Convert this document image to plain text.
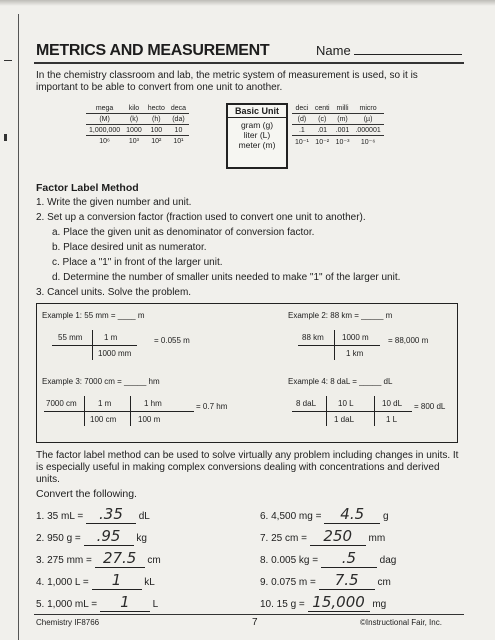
METRICS AND MEASUREMENT	Name
In the chemistry classroom and lab, the metric system of measurement is used, so it is important to be able to convert from one unit to another.
mega	kilo	hecto	deca
(M)	(k)	(h)	(da)
1,000,000	1000	100	10
10⁶	10³	10²	10¹
Basic Unit
gram (g)
liter (L)
meter (m)
deci	centi	milli	micro
(d)	(c)	(m)	(µ)
.1	.01	.001	.000001
10⁻¹	10⁻²	10⁻³	10⁻⁶
Factor Label Method
1. Write the given number and unit.
2. Set up a conversion factor (fraction used to convert one unit to another).
a. Place the given unit as denominator of conversion factor.
b. Place desired unit as numerator.
c. Place a "1" in front of the larger unit.
d. Determine the number of smaller units needed to make "1" of the larger unit.
3. Cancel units. Solve the problem.
Example 1: 55 mm = ____ m
55 mm	1 m
1000 mm
= 0.055 m
Example 2: 88 km = _____ m
88 km 1000 m
1 km
= 88,000 m
Example 3: 7000 cm = _____ hm
7000 cm	1 m
100 cm
1 hm
100 m
= 0.7 hm
Example 4: 8 daL = _____ dL
8 daL	10 L
1 daL
10 dL
1 L
= 800 dL
The factor label method can be used to solve virtually any problem including changes in units. It is especially useful in making complex conversions dealing with concentrations and derived units.
Convert the following.
1. 35 mL = .35 dL
2. 950 g = .95 kg
3. 275 mm = 27.5 cm
4. 1,000 L = 1 kL
5. 1,000 mL = 1 L
6. 4,500 mg = 4.5 g
7. 25 cm = 250 mm
8. 0.005 kg = .5 dag
9. 0.075 m = 7.5 cm
10. 15 g = 15,000 mg
Chemistry IF8766	7	©Instructional Fair, Inc.
